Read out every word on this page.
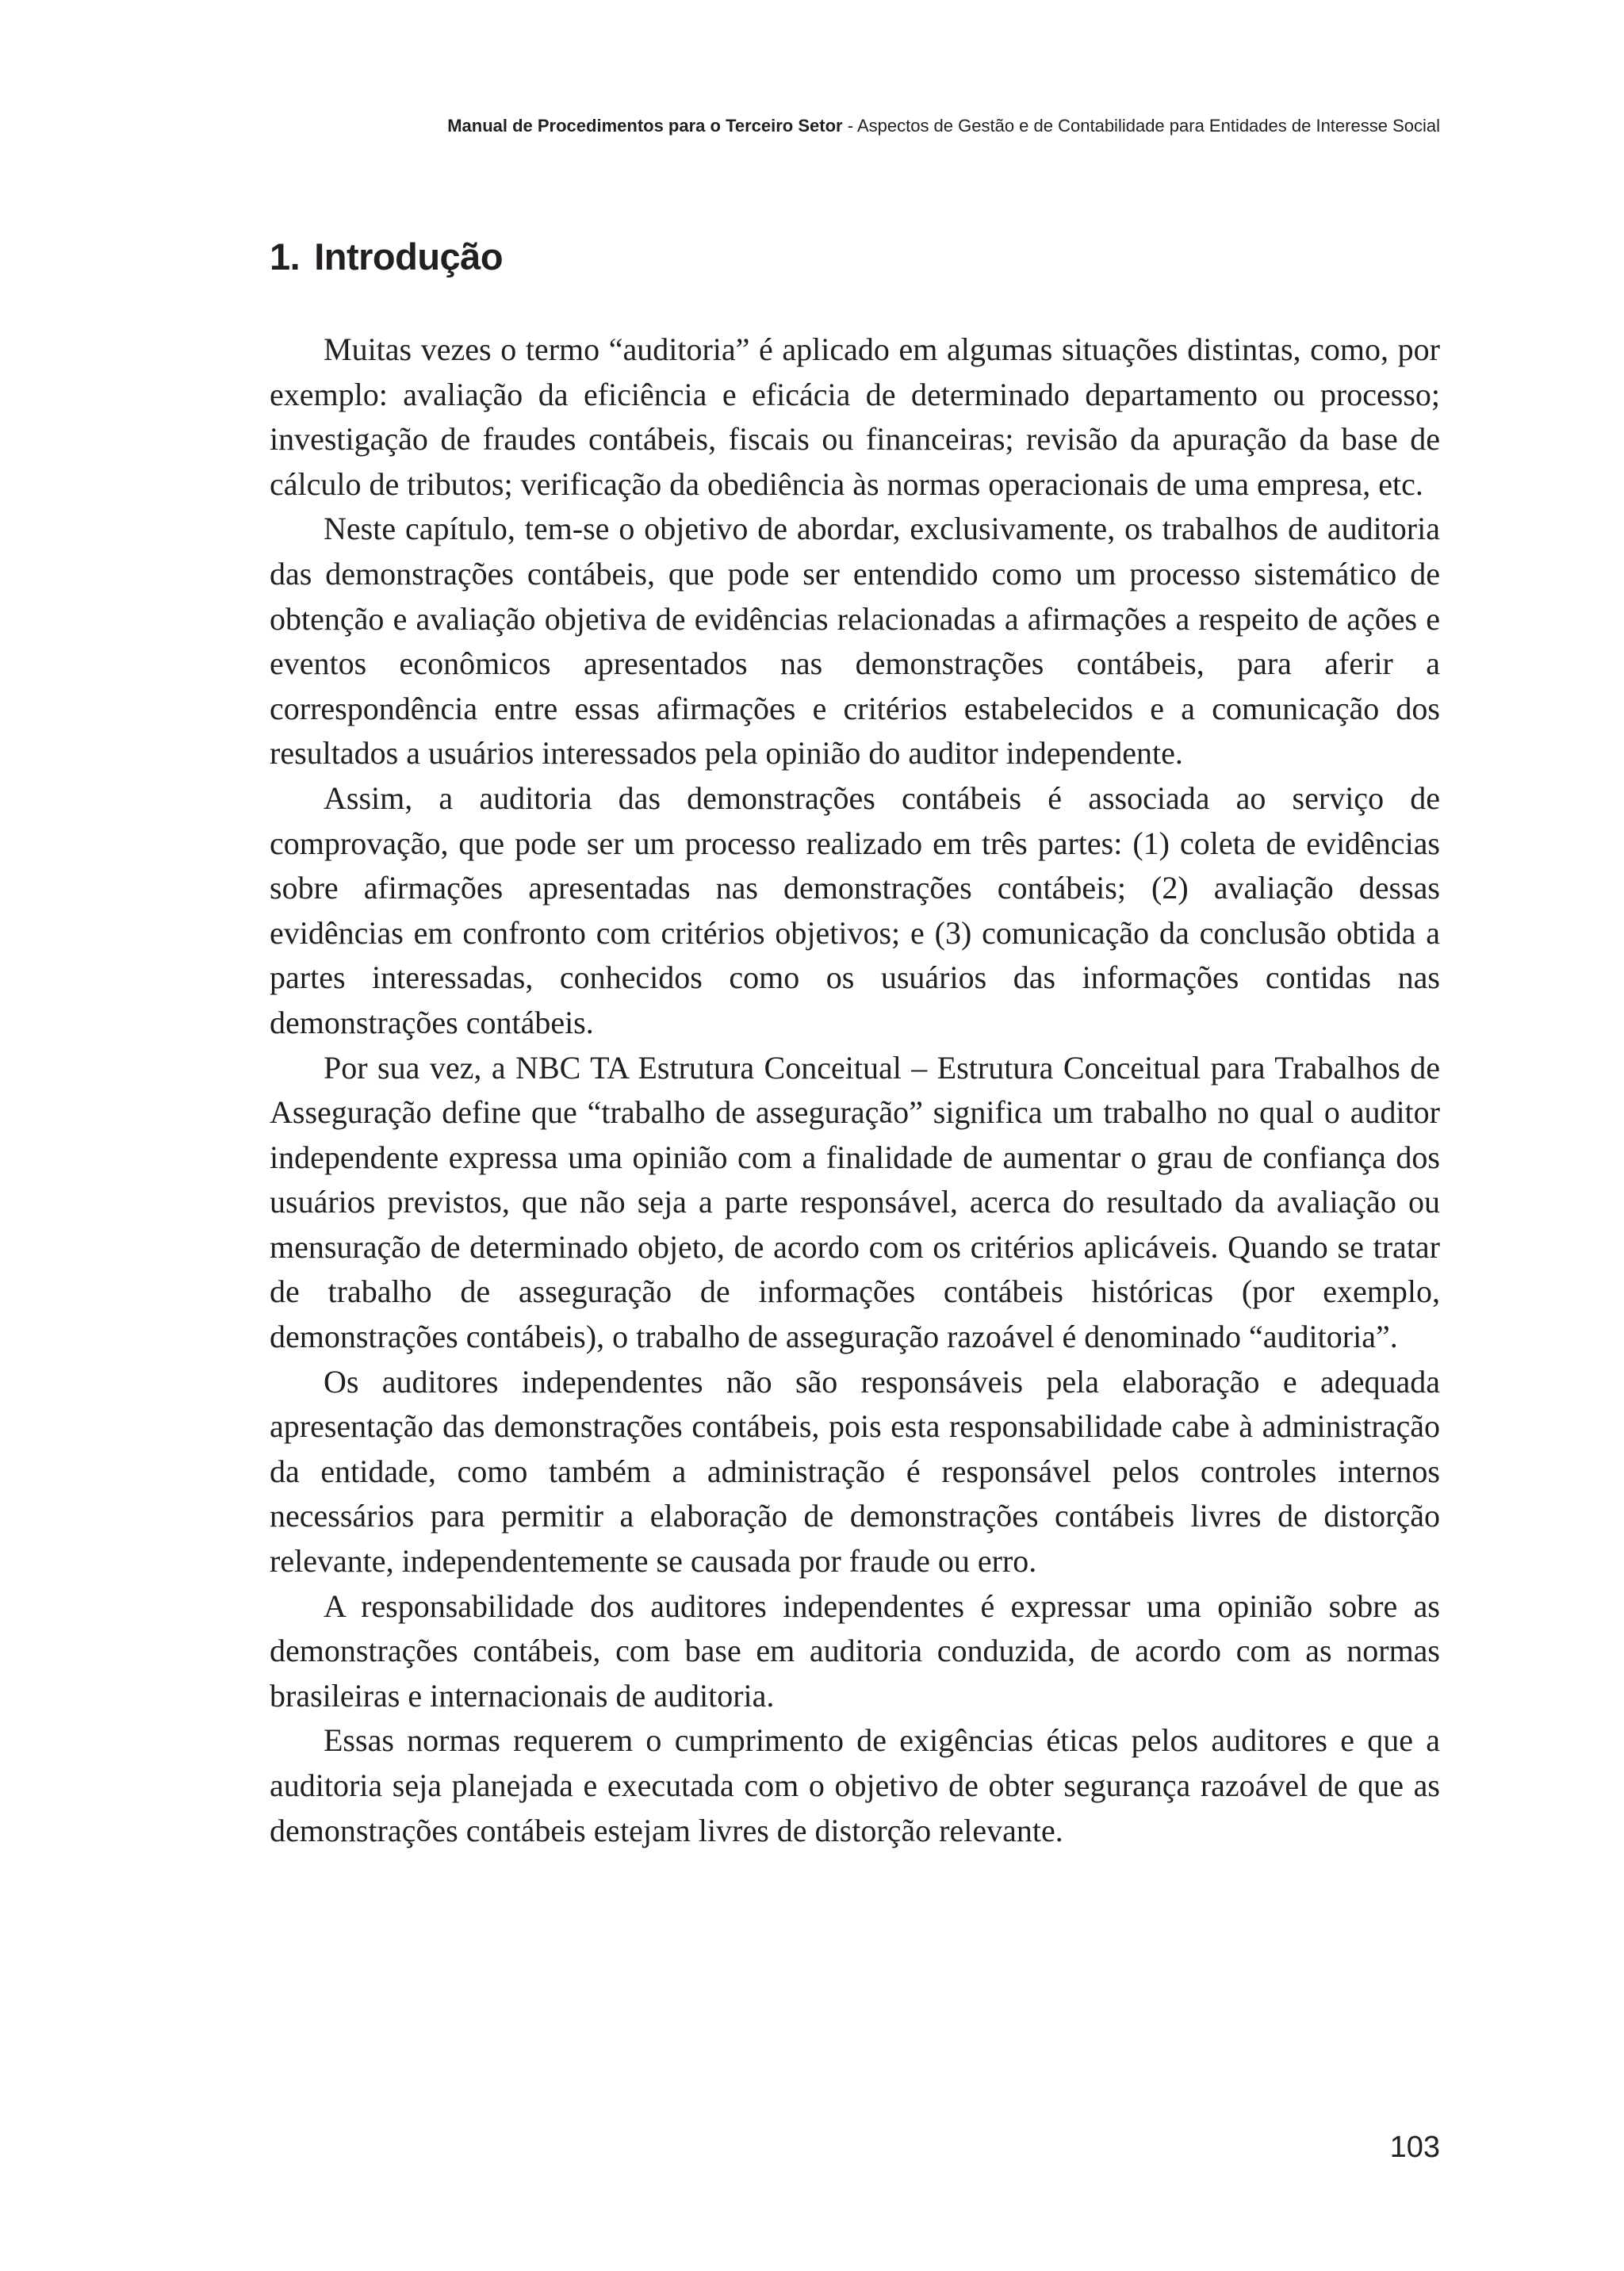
Manual de Procedimentos para o Terceiro Setor - Aspectos de Gestão e de Contabilidade para Entidades de Interesse Social
1. Introdução

Muitas vezes o termo “auditoria” é aplicado em algumas situações distintas, como, por exemplo: avaliação da eficiência e eficácia de determinado departamento ou processo; investigação de fraudes contábeis, fiscais ou financeiras; revisão da apuração da base de cálculo de tributos; verificação da obediência às normas operacionais de uma empresa, etc.

Neste capítulo, tem-se o objetivo de abordar, exclusivamente, os trabalhos de auditoria das demonstrações contábeis, que pode ser entendido como um processo sistemático de obtenção e avaliação objetiva de evidências relacionadas a afirmações a respeito de ações e eventos econômicos apresentados nas demonstrações contábeis, para aferir a correspondência entre essas afirmações e critérios estabelecidos e a comunicação dos resultados a usuários interessados pela opinião do auditor independente.

Assim, a auditoria das demonstrações contábeis é associada ao serviço de comprovação, que pode ser um processo realizado em três partes: (1) coleta de evidências sobre afirmações apresentadas nas demonstrações contábeis; (2) avaliação dessas evidências em confronto com critérios objetivos; e (3) comunicação da conclusão obtida a partes interessadas, conhecidos como os usuários das informações contidas nas demonstrações contábeis.

Por sua vez, a NBC TA Estrutura Conceitual – Estrutura Conceitual para Trabalhos de Asseguração define que “trabalho de asseguração” significa um trabalho no qual o auditor independente expressa uma opinião com a finalidade de aumentar o grau de confiança dos usuários previstos, que não seja a parte responsável, acerca do resultado da avaliação ou mensuração de determinado objeto, de acordo com os critérios aplicáveis. Quando se tratar de trabalho de asseguração de informações contábeis históricas (por exemplo, demonstrações contábeis), o trabalho de asseguração razoável é denominado “auditoria”.

Os auditores independentes não são responsáveis pela elaboração e adequada apresentação das demonstrações contábeis, pois esta responsabilidade cabe à administração da entidade, como também a administração é responsável pelos controles internos necessários para permitir a elaboração de demonstrações contábeis livres de distorção relevante, independentemente se causada por fraude ou erro.

A responsabilidade dos auditores independentes é expressar uma opinião sobre as demonstrações contábeis, com base em auditoria conduzida, de acordo com as normas brasileiras e internacionais de auditoria.

Essas normas requerem o cumprimento de exigências éticas pelos auditores e que a auditoria seja planejada e executada com o objetivo de obter segurança razoável de que as demonstrações contábeis estejam livres de distorção relevante.

103
